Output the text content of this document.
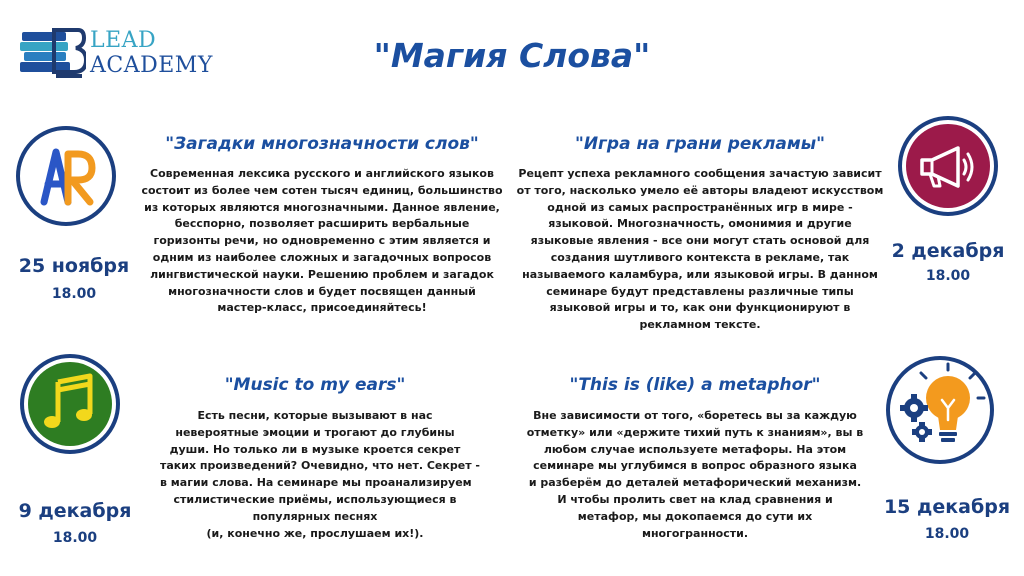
LEAD
ACADEMY	"Магия Слова"
"Загадки многозначности слов"
Современная лексика русского и английского языков
состоит из более чем сотен тысяч единиц, большинство
из которых являются многозначными. Данное явление,
бесспорно, позволяет расширить вербальные
горизонты речи, но одновременно с этим является и
одним из наиболее сложных и загадочных вопросов
лингвистической науки. Решению проблем и загадок
многозначности слов и будет посвящен данный
мастер-класс, присоединяйтесь!
25 ноября
18.00
"Игра на грани рекламы"
Рецепт успеха рекламного сообщения зачастую зависит
от того, насколько умело её авторы владеют искусством
одной из самых распространённых игр в мире -
языковой. Многозначность, омонимия и другие
языковые явления - все они могут стать основой для
создания шутливого контекста в рекламе, так
называемого каламбура, или языковой игры. В данном
семинаре будут представлены различные типы
языковой игры и то, как они функционируют в
рекламном тексте.
2 декабря
18.00
"Music to my ears"
Есть песни, которые вызывают в нас
невероятные эмоции и трогают до глубины
души. Но только ли в музыке кроется секрет
таких произведений? Очевидно, что нет. Секрет -
в магии слова. На семинаре мы проанализируем
стилистические приёмы, использующиеся в
популярных песнях
(и, конечно же, прослушаем их!).
9 декабря
18.00
"This is (like) a metaphor"
Вне зависимости от того, «боретесь вы за каждую
отметку» или «держите тихий путь к знаниям», вы в
любом случае используете метафоры. На этом
семинаре мы углубимся в вопрос образного языка
и разберём до деталей метафорический механизм.
И чтобы пролить свет на клад сравнения и
метафор, мы докопаемся до сути их
многогранности.
15 декабря
18.00
